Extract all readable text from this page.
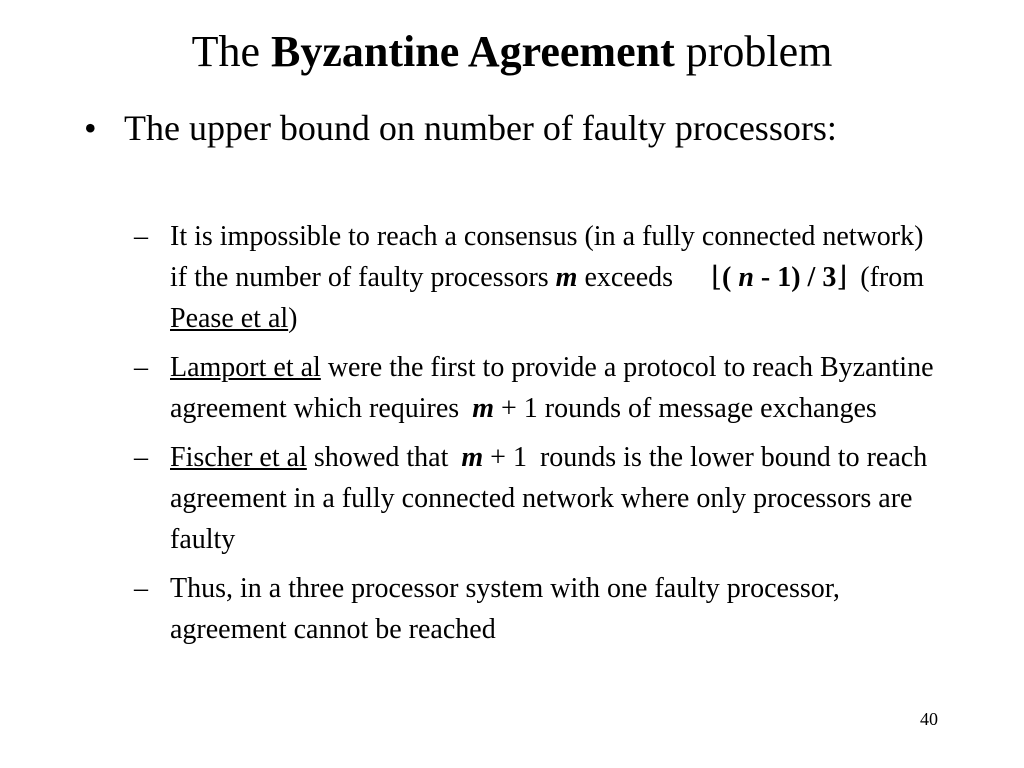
The Byzantine Agreement problem
• The upper bound on number of faulty processors:
– It is impossible to reach a consensus (in a fully connected network) if the number of faulty processors m exceeds ⌊( n - 1) / 3⌋ (from Pease et al)
– Lamport et al were the first to provide a protocol to reach Byzantine agreement which requires m + 1 rounds of message exchanges
– Fischer et al showed that m + 1 rounds is the lower bound to reach agreement in a fully connected network where only processors are faulty
– Thus, in a three processor system with one faulty processor, agreement cannot be reached
40
